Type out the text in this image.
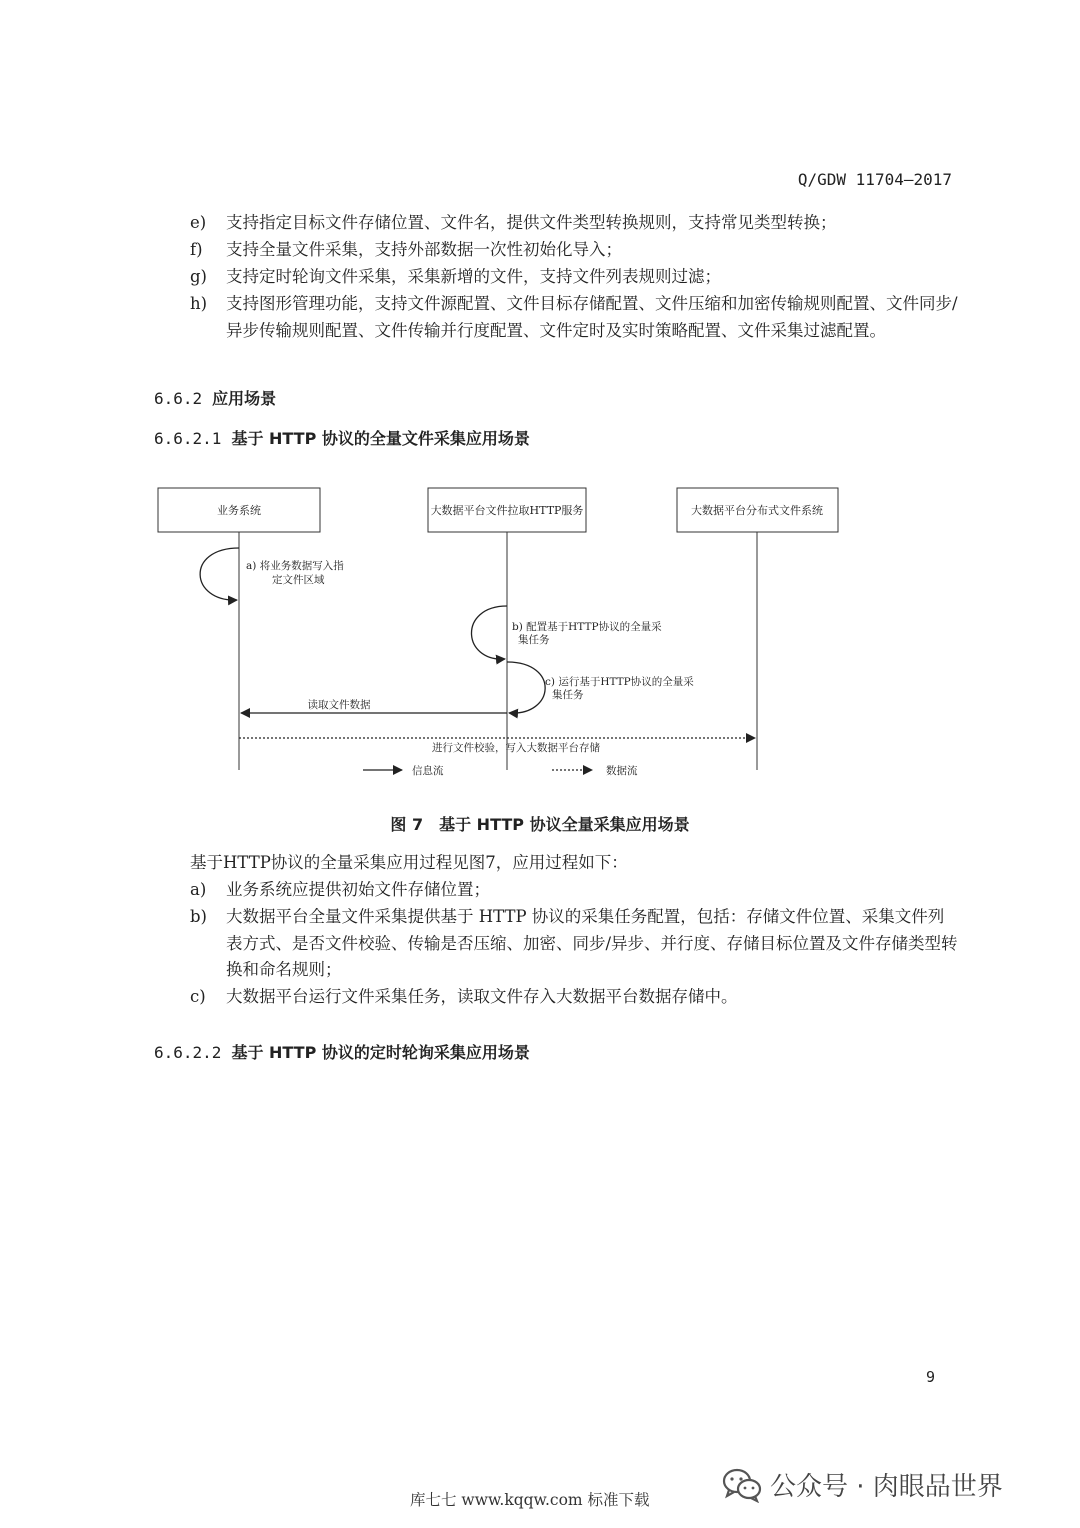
Q/GDW 11704—2017
e)	支持指定目标文件存储位置、文件名，提供文件类型转换规则，支持常见类型转换；
f)	支持全量文件采集，支持外部数据一次性初始化导入；
g)	支持定时轮询文件采集，采集新增的文件，支持文件列表规则过滤；
h)	支持图形管理功能，支持文件源配置、文件目标存储配置、文件压缩和加密传输规则配置、文件同步/异步传输规则配置、文件传输并行度配置、文件定时及实时策略配置、文件采集过滤配置。
6.6.2 应用场景
6.6.2.1 基于 HTTP 协议的全量文件采集应用场景
业务系统	大数据平台文件拉取HTTP服务	大数据平台分布式文件系统
a) 将业务数据写入指
定文件区域
b) 配置基于HTTP协议的全量采
集任务
c) 运行基于HTTP协议的全量采
集任务
读取文件数据
进行文件校验，写入大数据平台存储
信息流	数据流
图 7　基于 HTTP 协议全量采集应用场景
基于HTTP协议的全量采集应用过程见图7，应用过程如下：
a)	业务系统应提供初始文件存储位置；
b)	大数据平台全量文件采集提供基于 HTTP 协议的采集任务配置，包括：存储文件位置、采集文件列表方式、是否文件校验、传输是否压缩、加密、同步/异步、并行度、存储目标位置及文件存储类型转换和命名规则；
c)	大数据平台运行文件采集任务，读取文件存入大数据平台数据存储中。
6.6.2.2 基于 HTTP 协议的定时轮询采集应用场景
9
库七七 www.kqqw.com 标准下载	公众号 · 肉眼品世界
